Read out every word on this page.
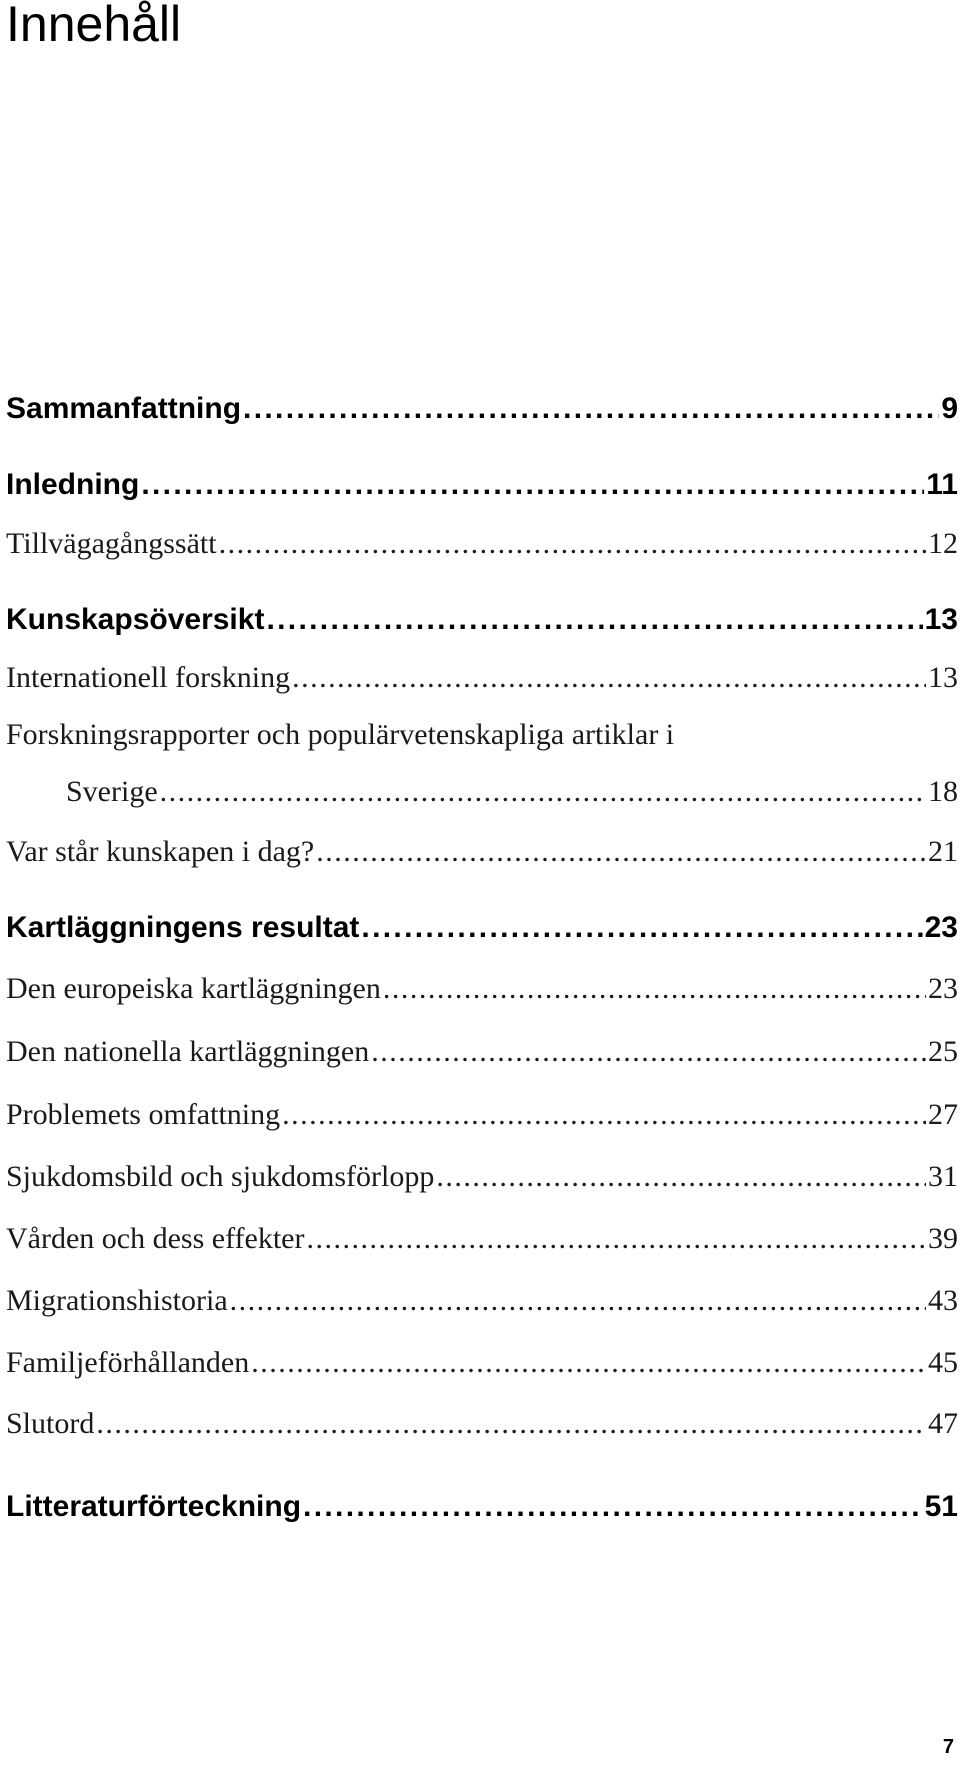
Innehåll
Sammanfattning . . .	9
Inledning . . .	11
Tillvägagångssätt . . .	12
Kunskapsöversikt . . .	13
Internationell forskning . . .	13
Forskningsrapporter och populärvetenskapliga artiklar i
Sverige . . .	18
Var står kunskapen i dag? . . .	21
Kartläggningens resultat . . .	23
Den europeiska kartläggningen . . .	23
Den nationella kartläggningen . . .	25
Problemets omfattning . . .	27
Sjukdomsbild och sjukdomsförlopp . . .	31
Vården och dess effekter . . .	39
Migrationshistoria . . .	43
Familjeförhållanden . . .	45
Slutord . . .	47
Litteraturförteckning . . .	51
7
